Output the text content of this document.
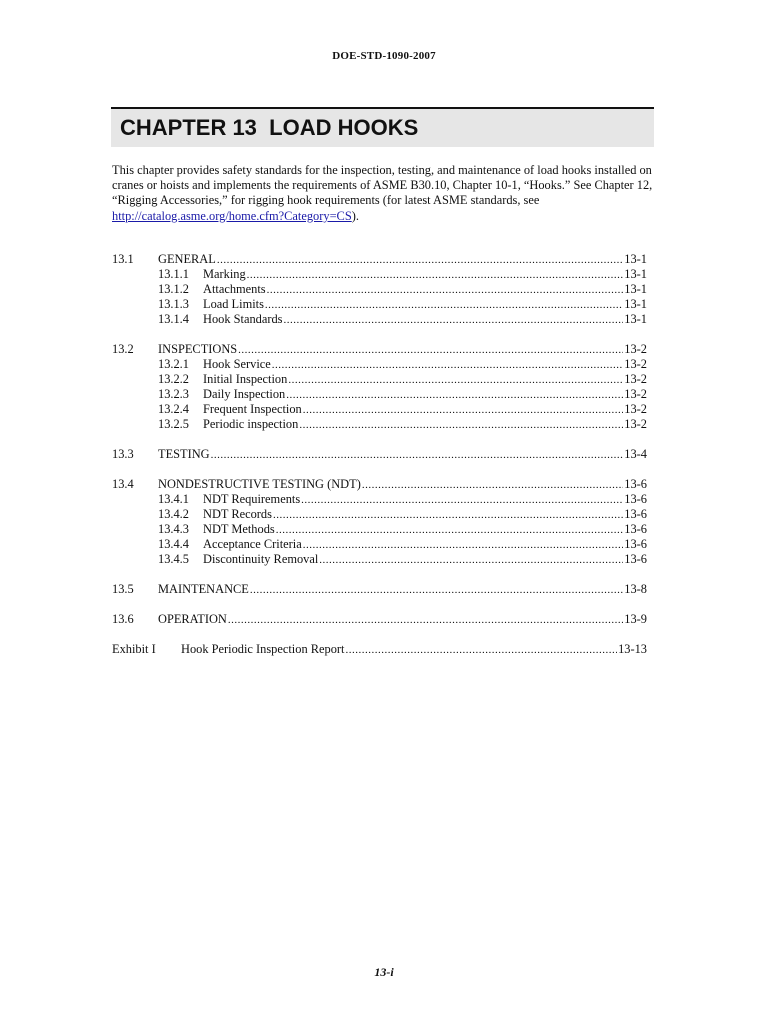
DOE-STD-1090-2007
CHAPTER 13  LOAD HOOKS
This chapter provides safety standards for the inspection, testing, and maintenance of load hooks installed on cranes or hoists and implements the requirements of ASME B30.10, Chapter 10-1, “Hooks.” See Chapter 12, “Rigging Accessories,” for rigging hook requirements (for latest ASME standards, see http://catalog.asme.org/home.cfm?Category=CS).
13.1 GENERAL .....	13-1
13.1.1 Marking .....	13-1
13.1.2 Attachments .....	13-1
13.1.3 Load Limits .....	13-1
13.1.4 Hook Standards .....	13-1
13.2 INSPECTIONS .....	13-2
13.2.1 Hook Service .....	13-2
13.2.2 Initial Inspection .....	13-2
13.2.3 Daily Inspection .....	13-2
13.2.4 Frequent Inspection .....	13-2
13.2.5 Periodic inspection .....	13-2
13.3 TESTING .....	13-4
13.4 NONDESTRUCTIVE TESTING (NDT) .....	13-6
13.4.1 NDT Requirements .....	13-6
13.4.2 NDT Records .....	13-6
13.4.3 NDT Methods .....	13-6
13.4.4 Acceptance Criteria .....	13-6
13.4.5 Discontinuity Removal .....	13-6
13.5 MAINTENANCE .....	13-8
13.6 OPERATION .....	13-9
Exhibit I Hook Periodic Inspection Report .....	13-13
13-i
